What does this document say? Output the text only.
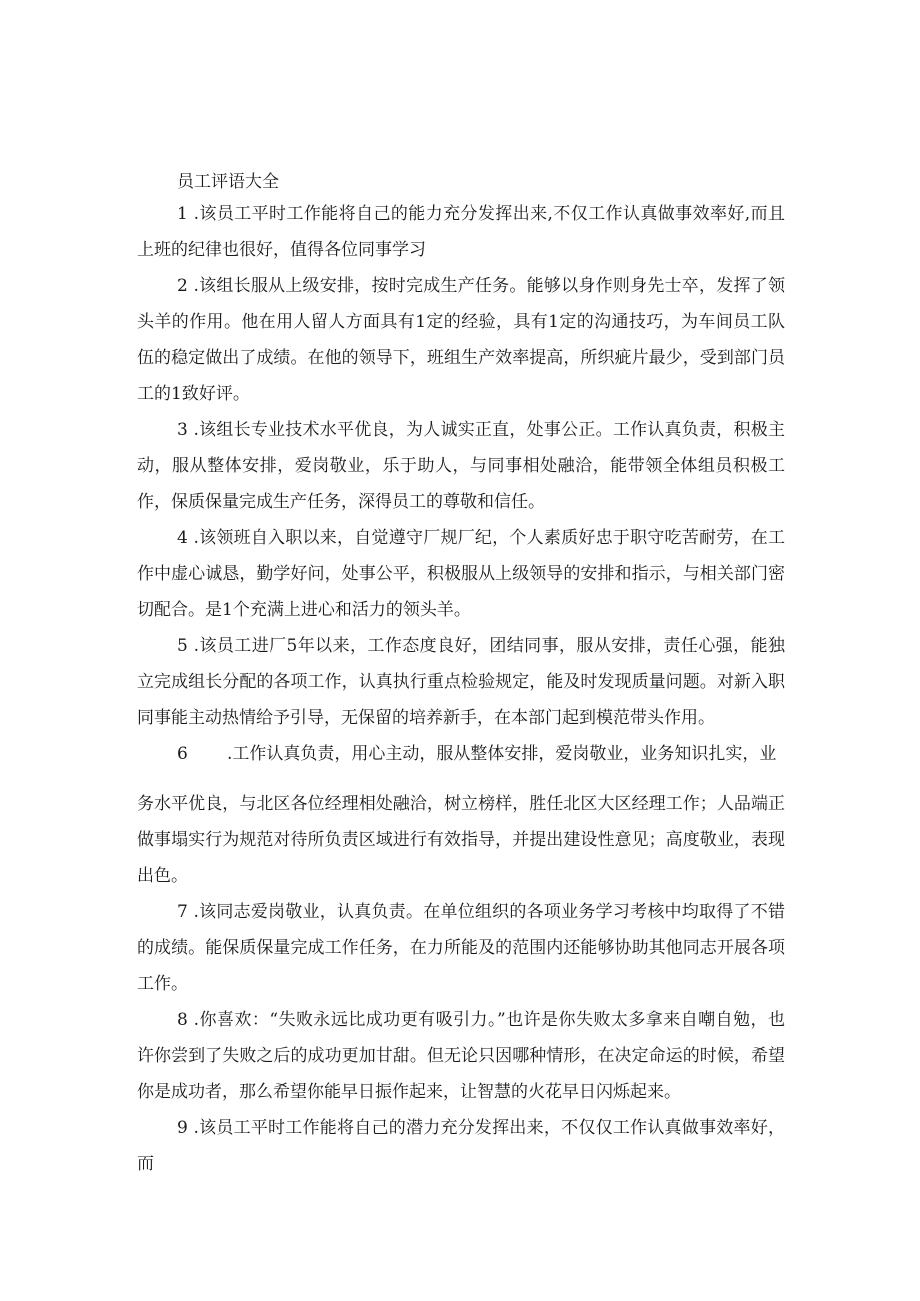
员工评语大全

1 .该员工平时工作能将自己的能力充分发挥出来,不仅工作认真做事效率好,而且上班的纪律也很好，值得各位同事学习

2 .该组长服从上级安排，按时完成生产任务。能够以身作则身先士卒，发挥了领头羊的作用。他在用人留人方面具有1定的经验，具有1定的沟通技巧，为车间员工队伍的稳定做出了成绩。在他的领导下，班组生产效率提高，所织疵片最少，受到部门员工的1致好评。

3 .该组长专业技术水平优良，为人诚实正直，处事公正。工作认真负责，积极主动，服从整体安排，爱岗敬业，乐于助人，与同事相处融洽，能带领全体组员积极工作，保质保量完成生产任务，深得员工的尊敬和信任。

4 .该领班自入职以来，自觉遵守厂规厂纪，个人素质好忠于职守吃苦耐劳，在工作中虚心诚恳，勤学好问，处事公平，积极服从上级领导的安排和指示，与相关部门密切配合。是1个充满上进心和活力的领头羊。

5 .该员工进厂5年以来，工作态度良好，团结同事，服从安排，责任心强，能独立完成组长分配的各项工作，认真执行重点检验规定，能及时发现质量问题。对新入职同事能主动热情给予引导，无保留的培养新手，在本部门起到模范带头作用。

6 .工作认真负责，用心主动，服从整体安排，爱岗敬业，业务知识扎实，业

务水平优良，与北区各位经理相处融洽，树立榜样，胜任北区大区经理工作；人品端正做事塌实行为规范对待所负责区域进行有效指导，并提出建设性意见；高度敬业，表现出色。

7 .该同志爱岗敬业，认真负责。在单位组织的各项业务学习考核中均取得了不错的成绩。能保质保量完成工作任务，在力所能及的范围内还能够协助其他同志开展各项工作。

8 .你喜欢：“失败永远比成功更有吸引力。”也许是你失败太多拿来自嘲自勉，也许你尝到了失败之后的成功更加甘甜。但无论只因哪种情形，在决定命运的时候，希望你是成功者，那么希望你能早日振作起来，让智慧的火花早日闪烁起来。

9 .该员工平时工作能将自己的潜力充分发挥出来，不仅仅工作认真做事效率好，而
